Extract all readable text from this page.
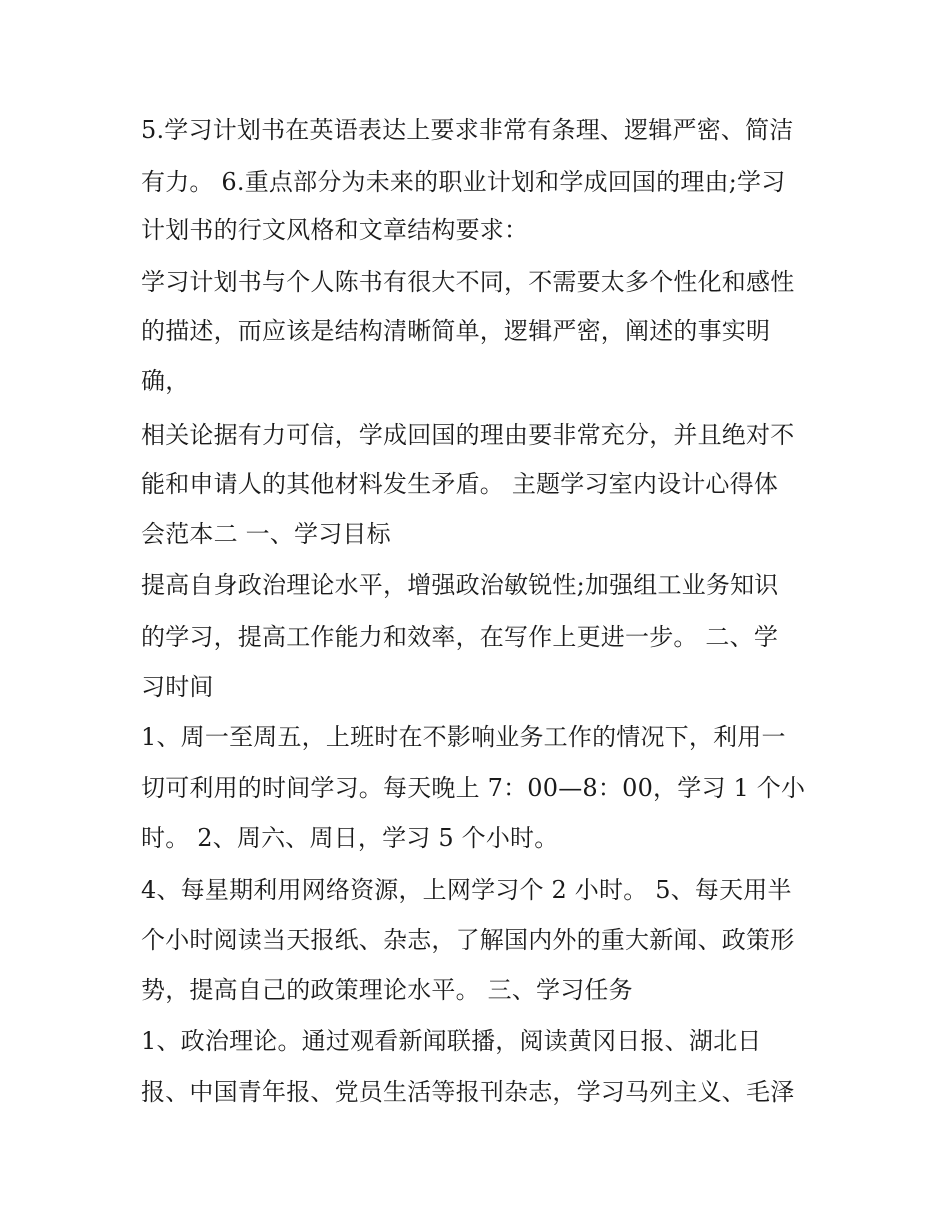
5.学习计划书在英语表达上要求非常有条理、逻辑严密、简洁
有力。 6.重点部分为未来的职业计划和学成回国的理由;学习
计划书的行文风格和文章结构要求：
学习计划书与个人陈书有很大不同，不需要太多个性化和感性
的描述，而应该是结构清晰简单，逻辑严密，阐述的事实明
确，
相关论据有力可信，学成回国的理由要非常充分，并且绝对不
能和申请人的其他材料发生矛盾。 主题学习室内设计心得体
会范本二 一、学习目标
提高自身政治理论水平，增强政治敏锐性;加强组工业务知识
的学习，提高工作能力和效率，在写作上更进一步。 二、学
习时间
1、周一至周五，上班时在不影响业务工作的情况下，利用一
切可利用的时间学习。每天晚上 7：00—8：00，学习 1 个小
时。 2、周六、周日，学习 5 个小时。
4、每星期利用网络资源，上网学习个 2 小时。 5、每天用半
个小时阅读当天报纸、杂志，了解国内外的重大新闻、政策形
势，提高自己的政策理论水平。 三、学习任务
1、政治理论。通过观看新闻联播，阅读黄冈日报、湖北日
报、中国青年报、党员生活等报刊杂志，学习马列主义、毛泽
